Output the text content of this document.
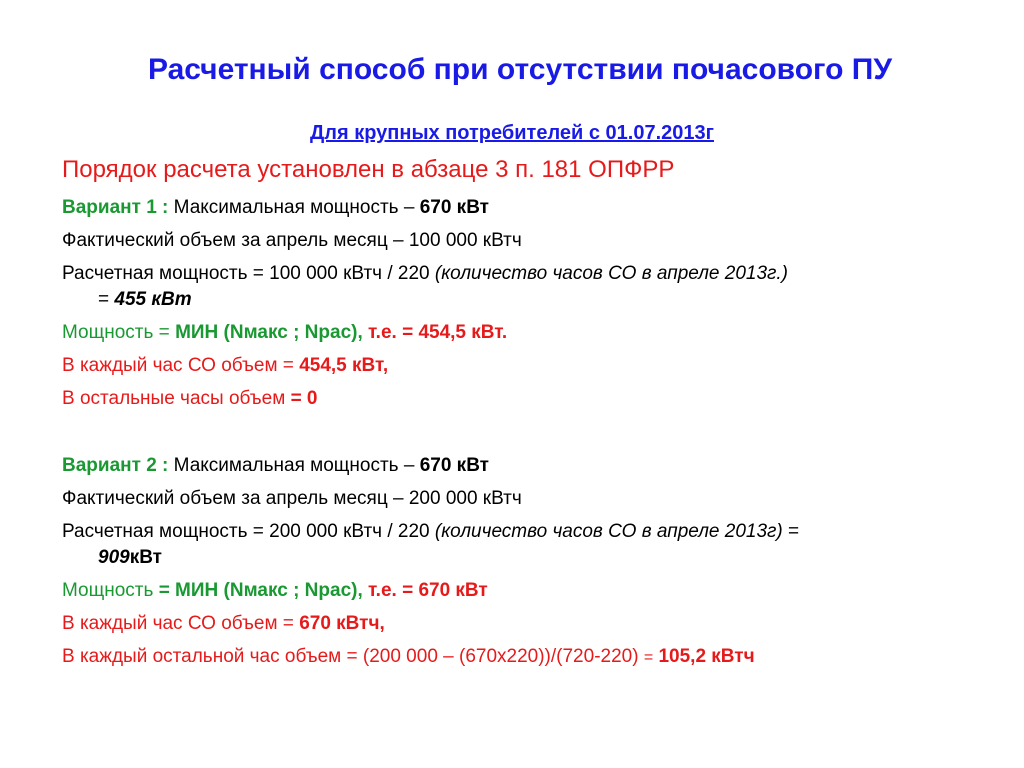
Расчетный способ при отсутствии почасового ПУ
Для крупных потребителей с 01.07.2013г
Порядок расчета установлен в абзаце 3 п. 181 ОПФРР
Вариант 1 : Максимальная мощность – 670 кВт
Фактический объем за апрель месяц – 100 000 кВтч
Расчетная мощность = 100 000 кВтч / 220 (количество часов СО в апреле 2013г.)
= 455 кВт
Мощность = МИН (Nмакс ; Nрас), т.е. = 454,5 кВт.
В каждый час СО объем = 454,5 кВт,
В остальные часы объем = 0
Вариант 2 : Максимальная мощность – 670 кВт
Фактический объем за апрель месяц – 200 000 кВтч
Расчетная мощность = 200 000 кВтч / 220 (количество часов СО в апреле 2013г) =
909кВт
Мощность = МИН (Nмакс ; Nрас), т.е. = 670 кВт
В каждый час СО объем = 670 кВтч,
В каждый остальной час объем = (200 000 – (670х220))/(720-220) = 105,2 кВтч
